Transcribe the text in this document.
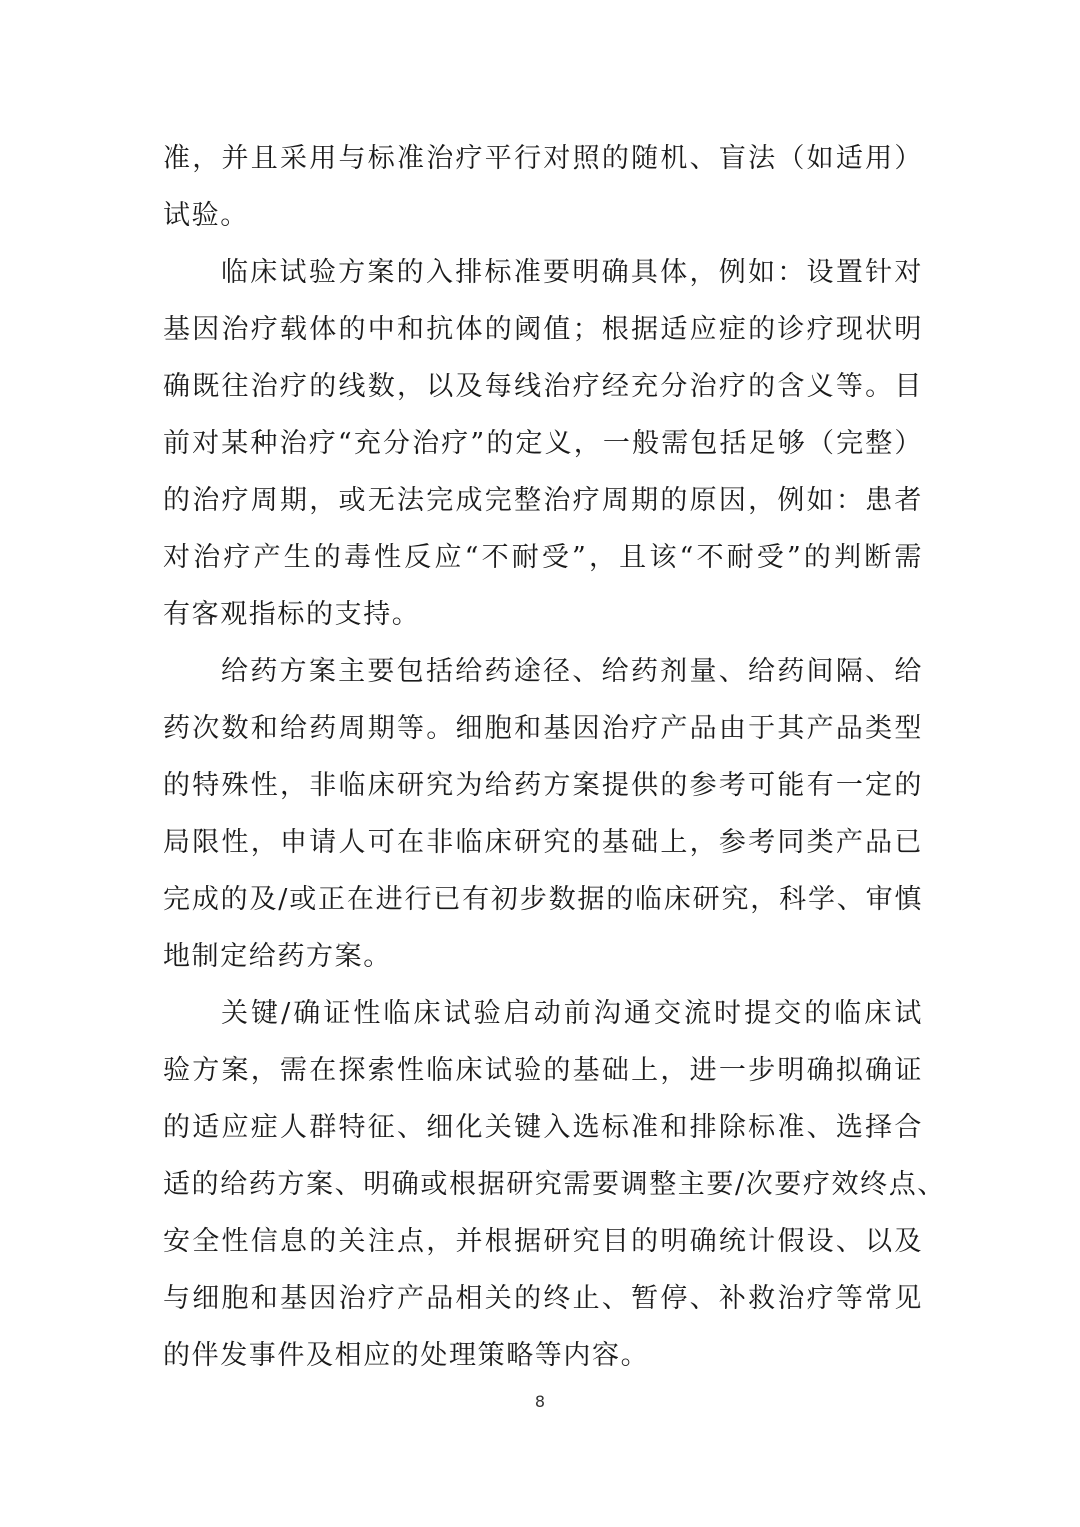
准，并且采用与标准治疗平行对照的随机、盲法（如适用）
试验。
临床试验方案的入排标准要明确具体，例如：设置针对
基因治疗载体的中和抗体的阈值；根据适应症的诊疗现状明
确既往治疗的线数，以及每线治疗经充分治疗的含义等。目
前对某种治疗“充分治疗”的定义，一般需包括足够（完整）
的治疗周期，或无法完成完整治疗周期的原因，例如：患者
对治疗产生的毒性反应“不耐受”，且该“不耐受”的判断需
有客观指标的支持。
给药方案主要包括给药途径、给药剂量、给药间隔、给
药次数和给药周期等。细胞和基因治疗产品由于其产品类型
的特殊性，非临床研究为给药方案提供的参考可能有一定的
局限性，申请人可在非临床研究的基础上，参考同类产品已
完成的及/或正在进行已有初步数据的临床研究，科学、审慎
地制定给药方案。
关键/确证性临床试验启动前沟通交流时提交的临床试
验方案，需在探索性临床试验的基础上，进一步明确拟确证
的适应症人群特征、细化关键入选标准和排除标准、选择合
适的给药方案、明确或根据研究需要调整主要/次要疗效终点、
安全性信息的关注点，并根据研究目的明确统计假设、以及
与细胞和基因治疗产品相关的终止、暂停、补救治疗等常见
的伴发事件及相应的处理策略等内容。
8
